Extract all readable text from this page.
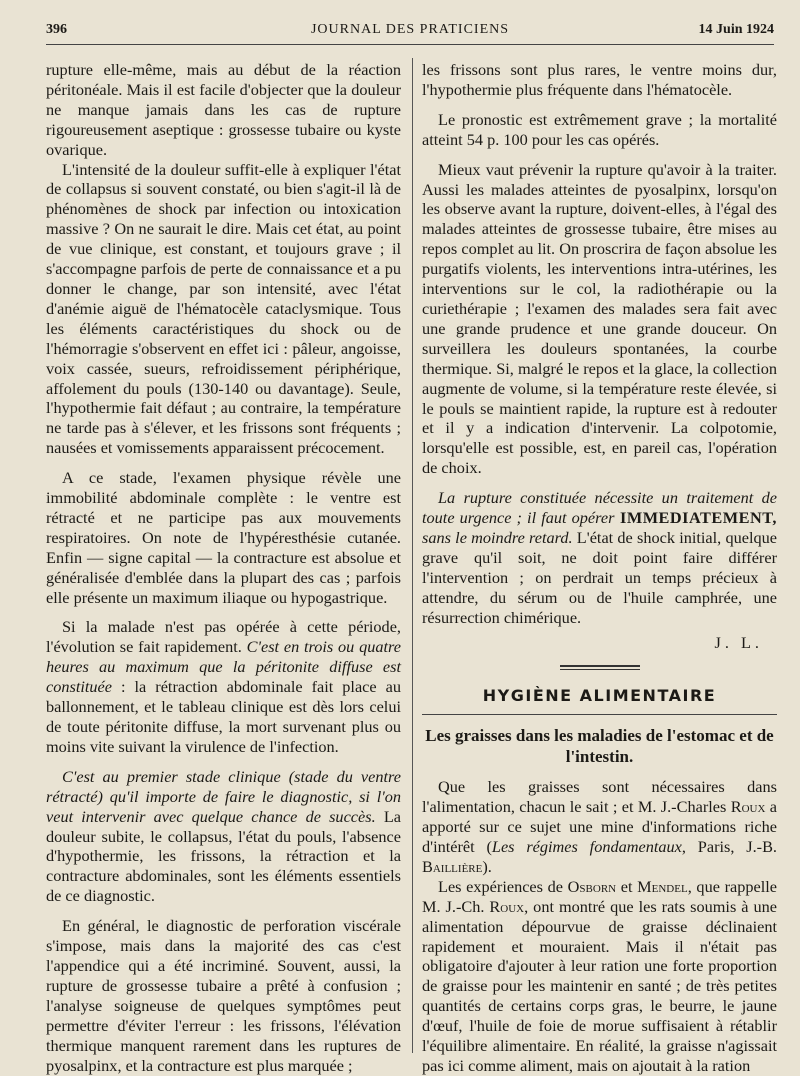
396	JOURNAL DES PRATICIENS	14 Juin 1924

rupture elle-même, mais au début de la réaction péritonéale. Mais il est facile d'objecter que la douleur ne manque jamais dans les cas de rupture rigoureusement aseptique : grossesse tubaire ou kyste ovarique.

L'intensité de la douleur suffit-elle à expliquer l'état de collapsus si souvent constaté, ou bien s'agit-il là de phénomènes de shock par infection ou intoxication massive ? On ne saurait le dire. Mais cet état, au point de vue clinique, est constant, et toujours grave ; il s'accompagne parfois de perte de connaissance et a pu donner le change, par son intensité, avec l'état d'anémie aiguë de l'hématocèle cataclysmique. Tous les éléments caractéristiques du shock ou de l'hémorragie s'observent en effet ici : pâleur, angoisse, voix cassée, sueurs, refroidissement périphérique, affolement du pouls (130-140 ou davantage). Seule, l'hypothermie fait défaut ; au contraire, la température ne tarde pas à s'élever, et les frissons sont fréquents ; nausées et vomissements apparaissent précocement.

A ce stade, l'examen physique révèle une immobilité abdominale complète : le ventre est rétracté et ne participe pas aux mouvements respiratoires. On note de l'hypéresthésie cutanée. Enfin — signe capital — la contracture est absolue et généralisée d'emblée dans la plupart des cas ; parfois elle présente un maximum iliaque ou hypogastrique.

Si la malade n'est pas opérée à cette période, l'évolution se fait rapidement. C'est en trois ou quatre heures au maximum que la péritonite diffuse est constituée : la rétraction abdominale fait place au ballonnement, et le tableau clinique est dès lors celui de toute péritonite diffuse, la mort survenant plus ou moins vite suivant la virulence de l'infection.

C'est au premier stade clinique (stade du ventre rétracté) qu'il importe de faire le diagnostic, si l'on veut intervenir avec quelque chance de succès. La douleur subite, le collapsus, l'état du pouls, l'absence d'hypothermie, les frissons, la rétraction et la contracture abdominales, sont les éléments essentiels de ce diagnostic.

En général, le diagnostic de perforation viscérale s'impose, mais dans la majorité des cas c'est l'appendice qui a été incriminé. Souvent, aussi, la rupture de grossesse tubaire a prêté à confusion ; l'analyse soigneuse de quelques symptômes peut permettre d'éviter l'erreur : les frissons, l'élévation thermique manquent rarement dans les ruptures de pyosalpinx, et la contracture est plus marquée ;

les frissons sont plus rares, le ventre moins dur, l'hypothermie plus fréquente dans l'hématocèle.

Le pronostic est extrêmement grave ; la mortalité atteint 54 p. 100 pour les cas opérés.

Mieux vaut prévenir la rupture qu'avoir à la traiter. Aussi les malades atteintes de pyosalpinx, lorsqu'on les observe avant la rupture, doivent-elles, à l'égal des malades atteintes de grossesse tubaire, être mises au repos complet au lit. On proscrira de façon absolue les purgatifs violents, les interventions intra-utérines, les interventions sur le col, la radiothérapie ou la curiethérapie ; l'examen des malades sera fait avec une grande prudence et une grande douceur. On surveillera les douleurs spontanées, la courbe thermique. Si, malgré le repos et la glace, la collection augmente de volume, si la température reste élevée, si le pouls se maintient rapide, la rupture est à redouter et il y a indication d'intervenir. La colpotomie, lorsqu'elle est possible, est, en pareil cas, l'opération de choix.

La rupture constituée nécessite un traitement de toute urgence ; il faut opérer IMMEDIATEMENT, sans le moindre retard. L'état de shock initial, quelque grave qu'il soit, ne doit point faire différer l'intervention ; on perdrait un temps précieux à attendre, du sérum ou de l'huile camphrée, une résurrection chimérique.

J. L.

HYGIÈNE ALIMENTAIRE

Les graisses dans les maladies de l'estomac et de l'intestin.

Que les graisses sont nécessaires dans l'alimentation, chacun le sait ; et M. J.-Charles Roux a apporté sur ce sujet une mine d'informations riche d'intérêt (Les régimes fondamentaux, Paris, J.-B. Baillière).

Les expériences de Osborn et Mendel, que rappelle M. J.-Ch. Roux, ont montré que les rats soumis à une alimentation dépourvue de graisse déclinaient rapidement et mouraient. Mais il n'était pas obligatoire d'ajouter à leur ration une forte proportion de graisse pour les maintenir en santé ; de très petites quantités de certains corps gras, le beurre, le jaune d'œuf, l'huile de foie de morue suffisaient à rétablir l'équilibre alimentaire. En réalité, la graisse n'agissait pas ici comme aliment, mais on ajoutait à la ration
